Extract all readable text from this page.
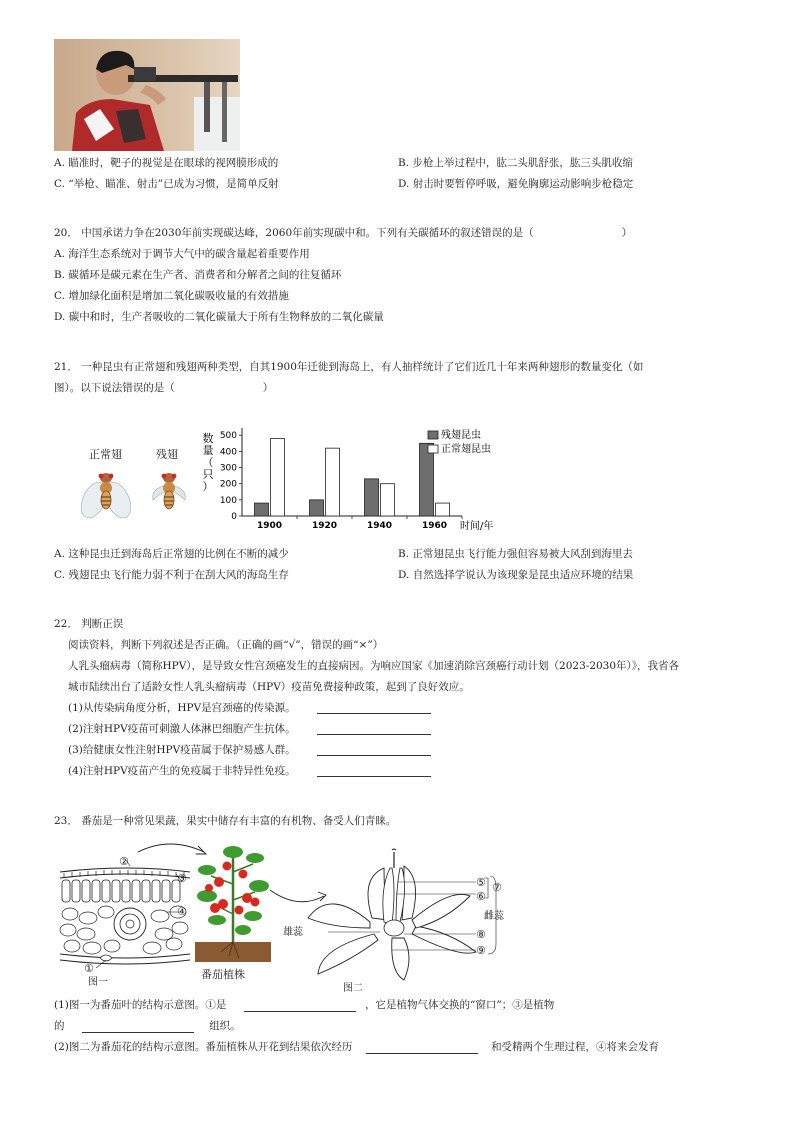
A. 瞄准时，靶子的视觉是在眼球的视网膜形成的	B. 步枪上举过程中，肱二头肌舒张，肱三头肌收缩
C. “举枪、瞄准、射击”已成为习惯，是简单反射	D. 射击时要暂停呼吸，避免胸廓运动影响步枪稳定
20． 中国承诺力争在2030年前实现碳达峰，2060年前实现碳中和。下列有关碳循环的叙述错误的是（	）
A. 海洋生态系统对于调节大气中的碳含量起着重要作用
B. 碳循环是碳元素在生产者、消费者和分解者之间的往复循环
C. 增加绿化面积是增加二氧化碳吸收量的有效措施
D. 碳中和时，生产者吸收的二氧化碳量大于所有生物释放的二氧化碳量
21． 一种昆虫有正常翅和残翅两种类型，自其1900年迁徙到海岛上，有人抽样统计了它们近几十年来两种翅形的数量变化（如
图）。以下说法错误的是（	）
正常翅	残翅
0
100
200
300
400
500
数
量
（
只
）
1900	1920	1940	1960 时间/年
残翅昆虫
正常翅昆虫
A. 这种昆虫迁到海岛后正常翅的比例在不断的减少	B. 正常翅昆虫飞行能力强但容易被大风刮到海里去
C. 残翅昆虫飞行能力弱不利于在刮大风的海岛生存	D. 自然选择学说认为该现象是昆虫适应环境的结果
22． 判断正误
阅读资料，判断下列叙述是否正确。（正确的画“√”，错误的画“×”）
人乳头瘤病毒（简称HPV），是导致女性宫颈癌发生的直接病因。为响应国家《加速消除宫颈癌行动计划（2023-2030年）》，我省各
城市陆续出台了适龄女性人乳头瘤病毒（HPV）疫苗免费接种政策，起到了良好效应。
(1)从传染病角度分析，HPV是宫颈癌的传染源。
(2)注射HPV疫苗可刺激人体淋巴细胞产生抗体。
(3)给健康女性注射HPV疫苗属于保护易感人群。
(4)注射HPV疫苗产生的免疫属于非特异性免疫。
23． 番茄是一种常见果蔬，果实中储存有丰富的有机物、备受人们青睐。
②
③
④
①
图一
番茄植株
⑤
⑥
⑦
⑧
⑨
雄蕊
雌蕊
图二
(1)图一为番茄叶的结构示意图。①是	，它是植物气体交换的“窗口”；③是植物
的	组织。
(2)图二为番茄花的结构示意图。番茄植株从开花到结果依次经历	和受精两个生理过程，④将来会发育
